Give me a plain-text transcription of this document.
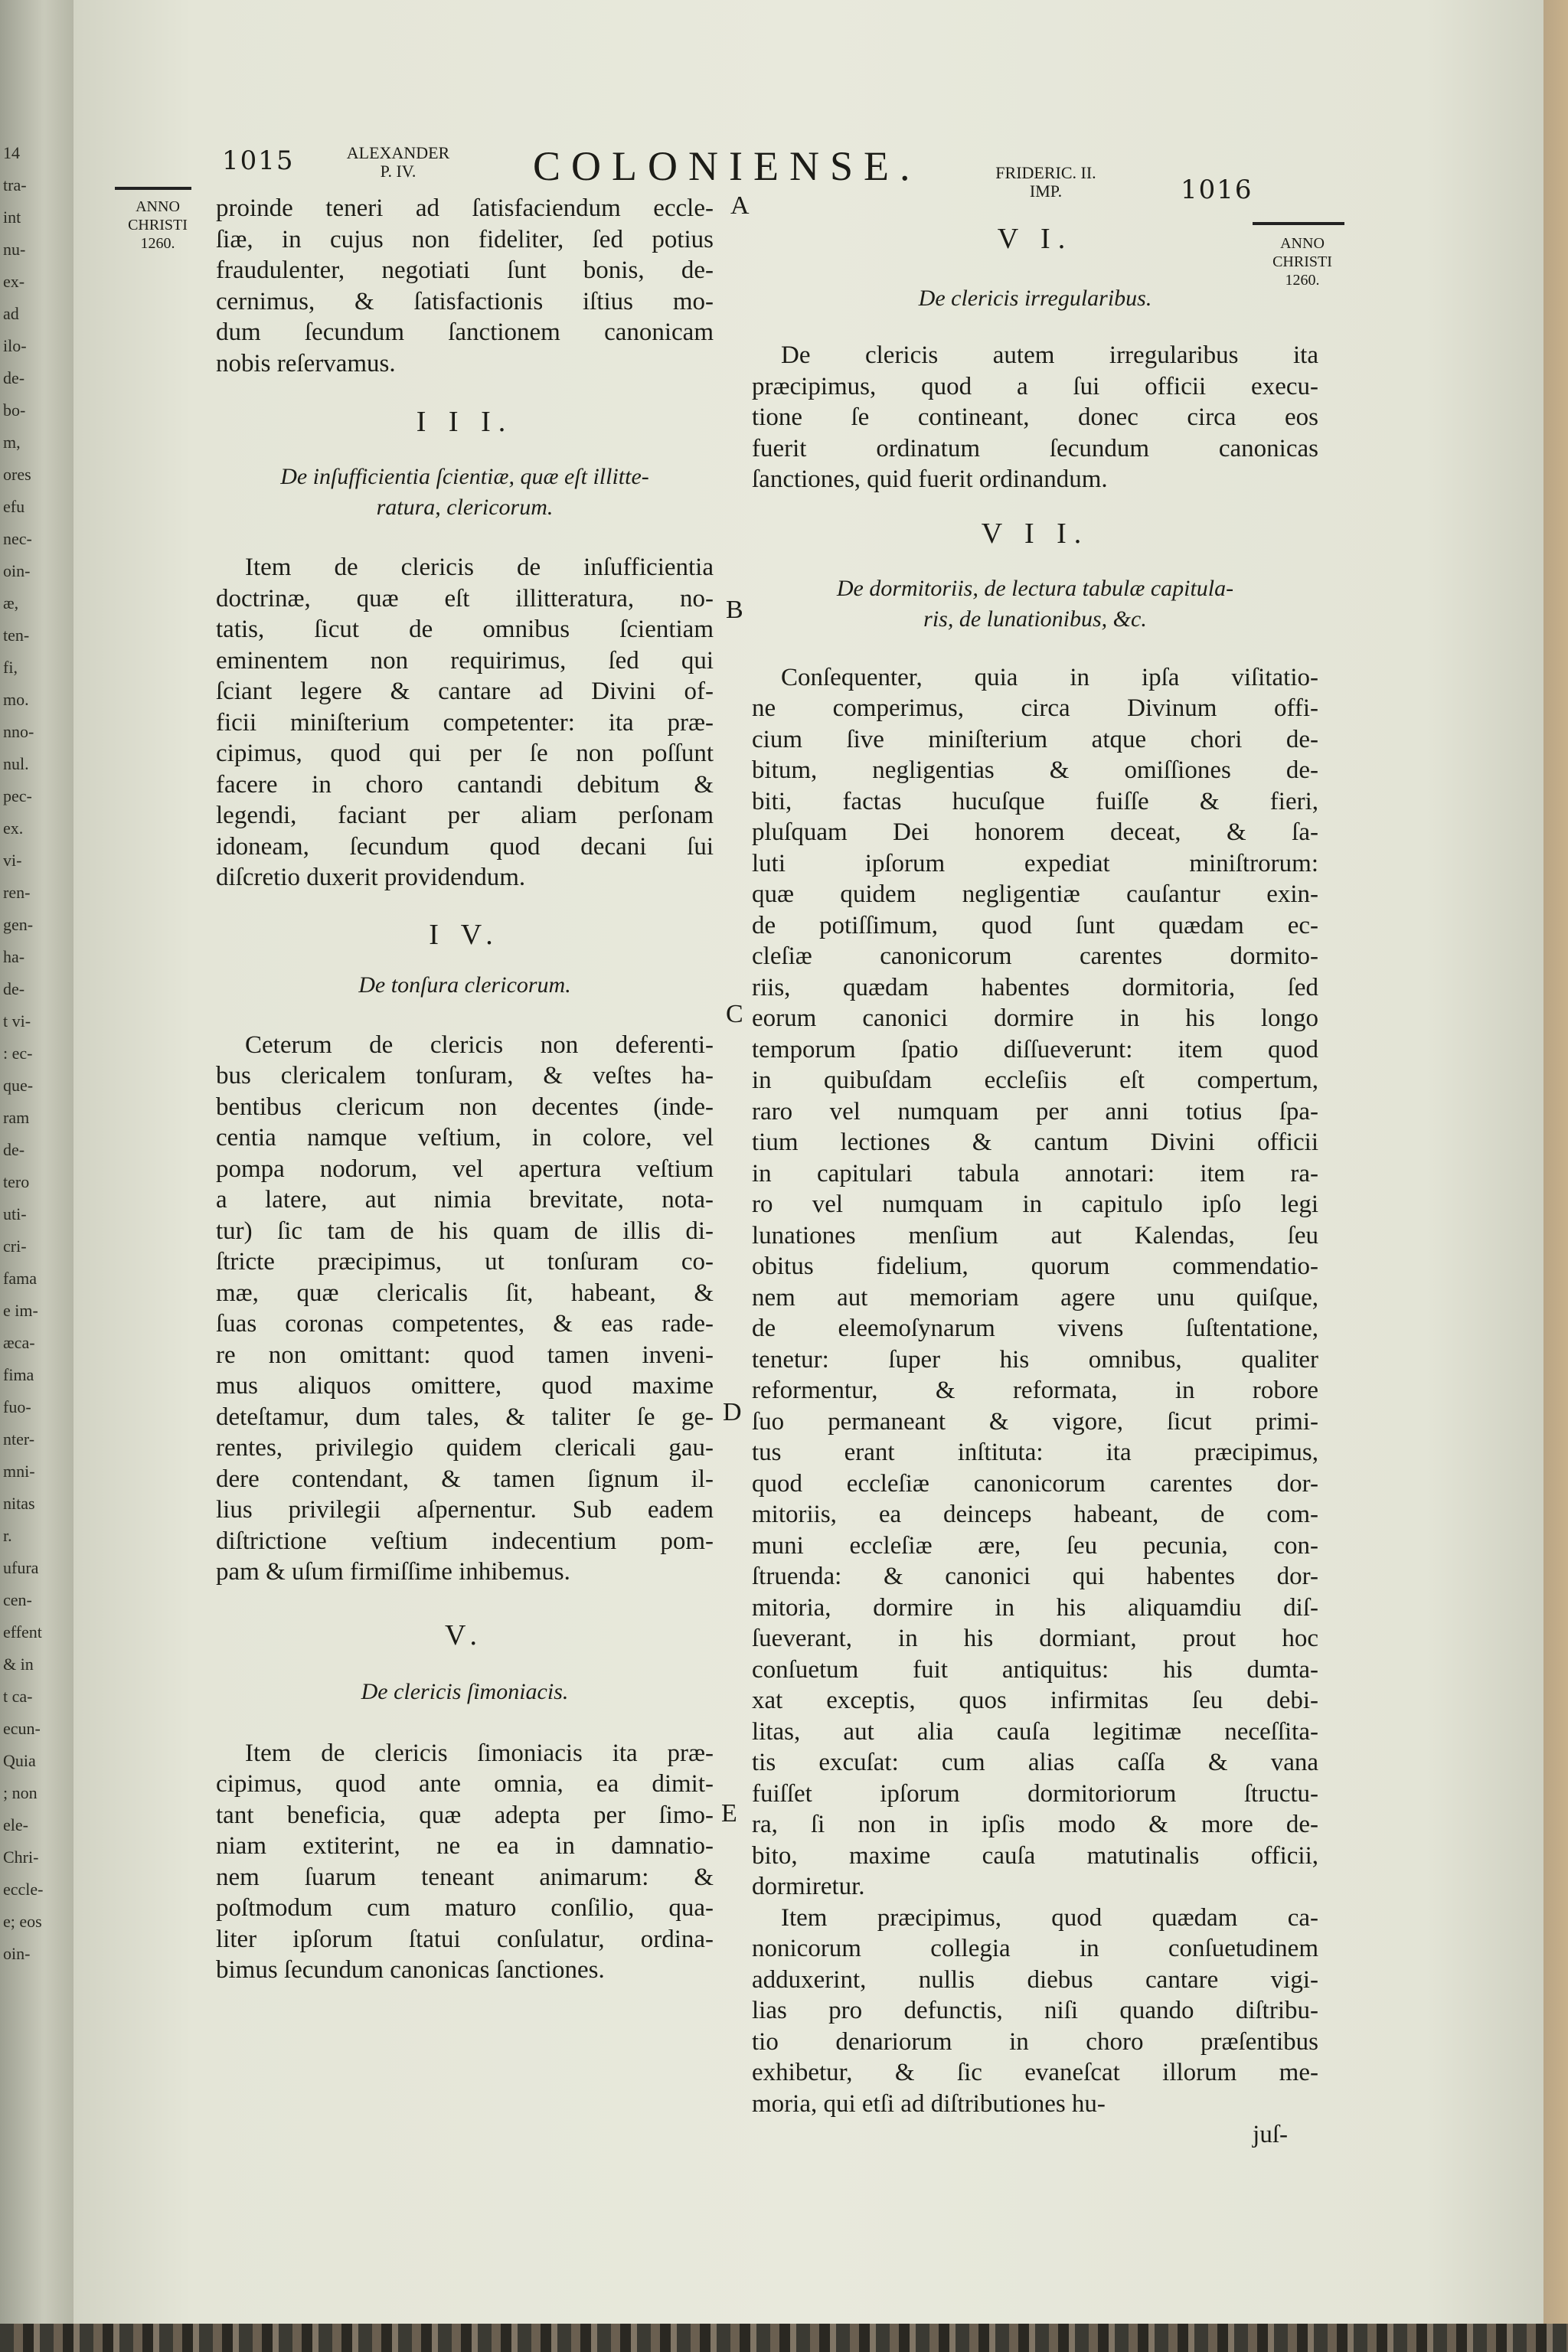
14
tra-
int
nu-
ex-
ad
ilo-
de-
bo-
m,
ores
efu
nec-
oin-
æ,
ten-
fi,
mo.
nno-
nul.
pec-
ex.
vi-
ren-
gen-
ha-
de-
t vi-
: ec-
que-
ram
de-
tero
uti-
cri-
fama
e im-
æca-
fima
fuo-
nter-
mni-
nitas
r.
ufura
cen-
effent
& in
t ca-
ecun-
Quia
; non
ele-
Chri-
eccle-
e; eos
oin-
1015	ALEXANDER
P. IV.	COLONIENSE.	FRIDERIC. II.
IMP.	1016
ANNO
CHRISTI
1260.	ANNO
CHRISTI
1260.
A
B
C
D
E
proinde teneri ad ſatisfaciendum eccle-
ſiæ, in cujus non fideliter, ſed potius
fraudulenter, negotiati ſunt bonis, de-
cernimus, & ſatisfactionis iſtius mo-
dum ſecundum ſanctionem canonicam
nobis reſervamus.
I I I.
De inſufficientia ſcientiæ, quæ eſt illitte-
ratura, clericorum.
Item de clericis de inſufficientia
doctrinæ, quæ eſt illitteratura, no-
tatis, ſicut de omnibus ſcientiam
eminentem non requirimus, ſed qui
ſciant legere & cantare ad Divini of-
ficii miniſterium competenter: ita præ-
cipimus, quod qui per ſe non poſſunt
facere in choro cantandi debitum &
legendi, faciant per aliam perſonam
idoneam, ſecundum quod decani ſui
diſcretio duxerit providendum.
I V.
De tonſura clericorum.
Ceterum de clericis non deferenti-
bus clericalem tonſuram, & veſtes ha-
bentibus clericum non decentes (inde-
centia namque veſtium, in colore, vel
pompa nodorum, vel apertura veſtium
a latere, aut nimia brevitate, nota-
tur) ſic tam de his quam de illis di-
ſtricte præcipimus, ut tonſuram co-
mæ, quæ clericalis ſit, habeant, &
ſuas coronas competentes, & eas rade-
re non omittant: quod tamen inveni-
mus aliquos omittere, quod maxime
deteſtamur, dum tales, & taliter ſe ge-
rentes, privilegio quidem clericali gau-
dere contendant, & tamen ſignum il-
lius privilegii aſpernentur. Sub eadem
diſtrictione veſtium indecentium pom-
pam & uſum firmiſſime inhibemus.
V.
De clericis ſimoniacis.
Item de clericis ſimoniacis ita præ-
cipimus, quod ante omnia, ea dimit-
tant beneficia, quæ adepta per ſimo-
niam extiterint, ne ea in damnatio-
nem ſuarum teneant animarum: &
poſtmodum cum maturo conſilio, qua-
liter ipſorum ſtatui conſulatur, ordina-
bimus ſecundum canonicas ſanctiones.
V I.
De clericis irregularibus.
De clericis autem irregularibus ita
præcipimus, quod a ſui officii execu-
tione ſe contineant, donec circa eos
fuerit ordinatum ſecundum canonicas
ſanctiones, quid fuerit ordinandum.
V I I.
De dormitoriis, de lectura tabulæ capitula-
ris, de lunationibus, &c.
Conſequenter, quia in ipſa viſitatio-
ne comperimus, circa Divinum offi-
cium ſive miniſterium atque chori de-
bitum, negligentias & omiſſiones de-
biti, factas hucuſque fuiſſe & fieri,
pluſquam Dei honorem deceat, & ſa-
luti ipſorum expediat miniſtrorum:
quæ quidem negligentiæ cauſantur exin-
de potiſſimum, quod ſunt quædam ec-
cleſiæ canonicorum carentes dormito-
riis, quædam habentes dormitoria, ſed
eorum canonici dormire in his longo
temporum ſpatio diſſueverunt: item quod
in quibuſdam eccleſiis eſt compertum,
raro vel numquam per anni totius ſpa-
tium lectiones & cantum Divini officii
in capitulari tabula annotari: item ra-
ro vel numquam in capitulo ipſo legi
lunationes menſium aut Kalendas, ſeu
obitus fidelium, quorum commendatio-
nem aut memoriam agere unu quiſque,
de eleemoſynarum vivens ſuſtentatione,
tenetur: ſuper his omnibus, qualiter
reformentur, & reformata, in robore
ſuo permaneant & vigore, ſicut primi-
tus erant inſtituta: ita præcipimus,
quod eccleſiæ canonicorum carentes dor-
mitoriis, ea deinceps habeant, de com-
muni eccleſiæ ære, ſeu pecunia, con-
ſtruenda: & canonici qui habentes dor-
mitoria, dormire in his aliquamdiu diſ-
ſueverant, in his dormiant, prout hoc
conſuetum fuit antiquitus: his dumta-
xat exceptis, quos infirmitas ſeu debi-
litas, aut alia cauſa legitimæ neceſſita-
tis excuſat: cum alias caſſa & vana
fuiſſet ipſorum dormitoriorum ſtructu-
ra, ſi non in ipſis modo & more de-
bito, maxime cauſa matutinalis officii,
dormiretur.
Item præcipimus, quod quædam ca-
nonicorum collegia in conſuetudinem
adduxerint, nullis diebus cantare vigi-
lias pro defunctis, niſi quando diſtribu-
tio denariorum in choro præſentibus
exhibetur, & ſic evaneſcat illorum me-
moria, qui etſi ad diſtributiones hu-
juſ-
